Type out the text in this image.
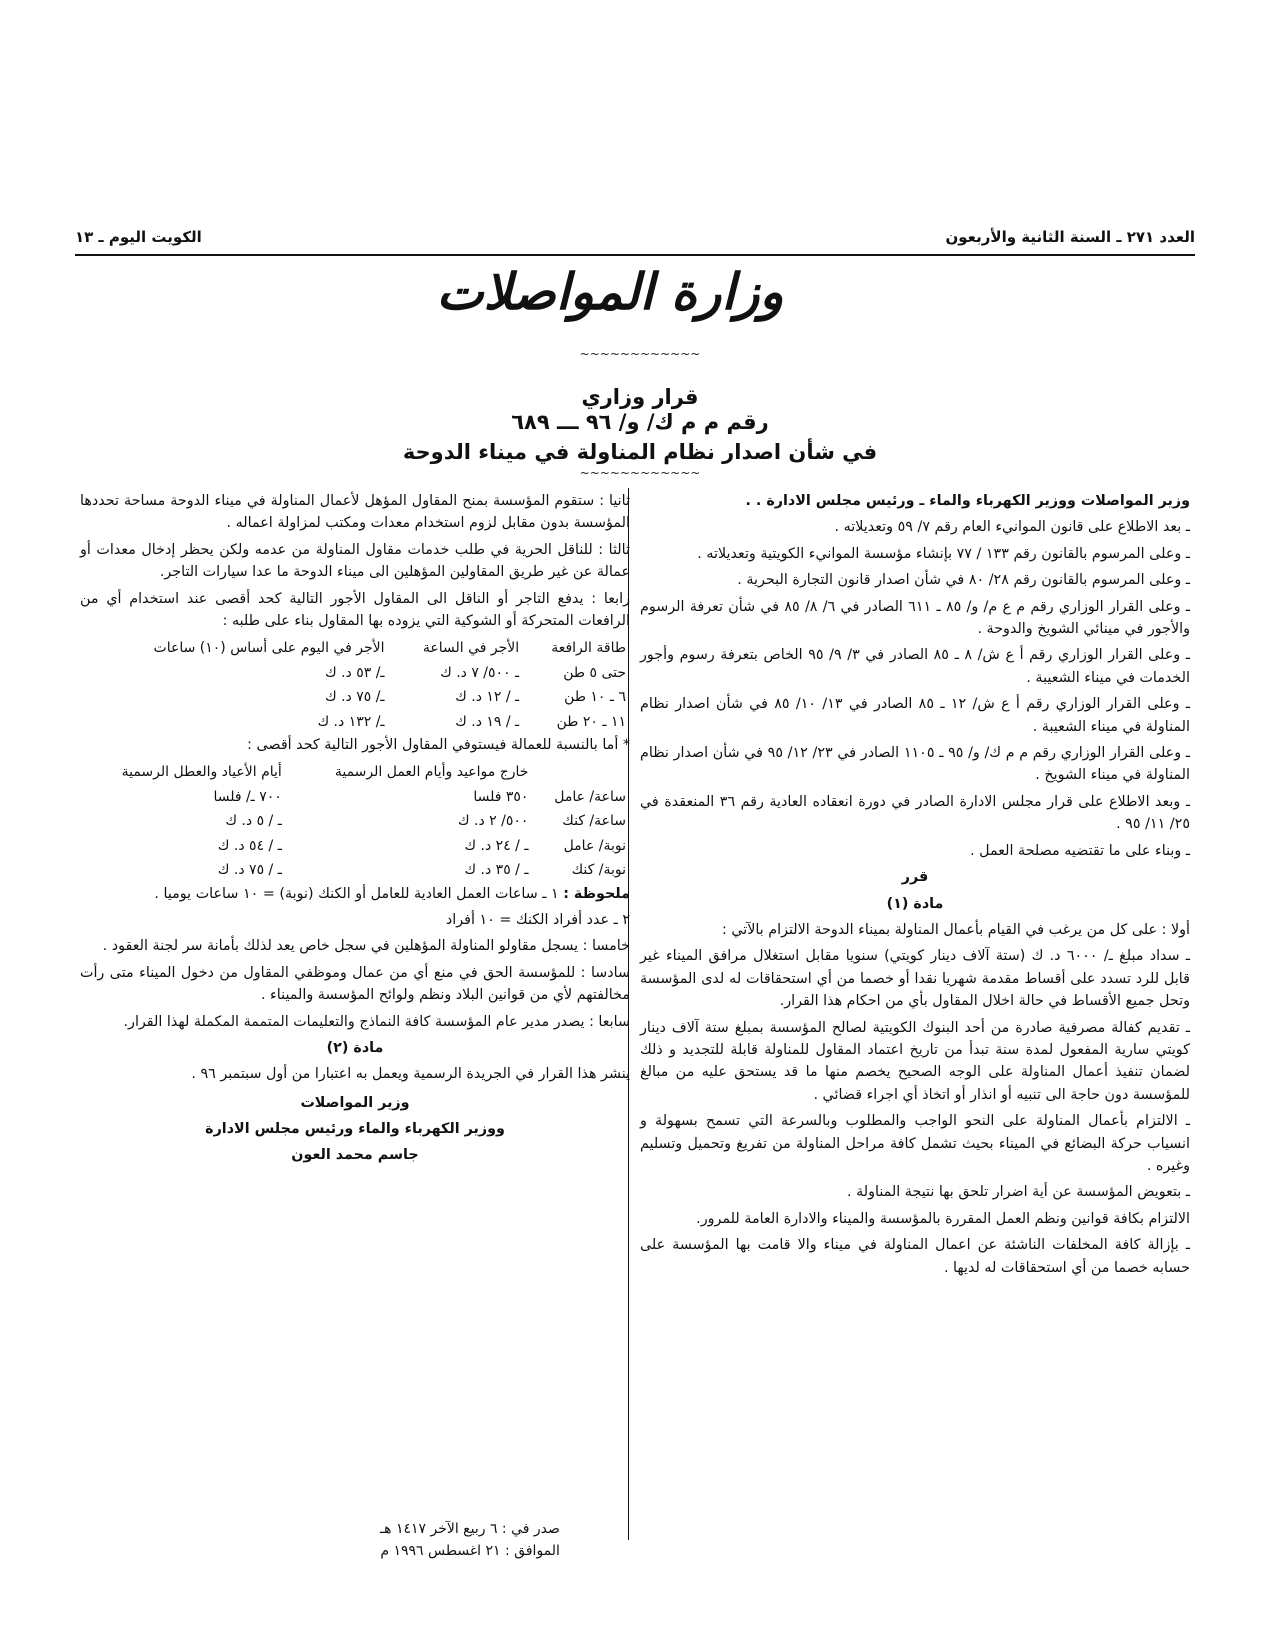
العدد ٢٧١ ـ السنة الثانية والأربعون
الكويت اليوم ـ ١٣
وزارة المواصلات
~~~~~~~~~~~~
قرار وزاري
رقم م م ك/ و/ ٩٦ ـــ ٦٨٩
في شأن اصدار نظام المناولة في ميناء الدوحة
~~~~~~~~~~~~

وزير المواصلات ووزير الكهرباء والماء ـ ورئيس مجلس الادارة . .

ـ بعد الاطلاع على قانون الموانيء العام رقم ٧/ ٥٩ وتعديلاته .

ـ وعلى المرسوم بالقانون رقم ١٣٣ / ٧٧ بإنشاء مؤسسة الموانيء الكويتية وتعديلاته .

ـ وعلى المرسوم بالقانون رقم ٢٨/ ٨٠ في شأن اصدار قانون التجارة البحرية .

ـ وعلى القرار الوزاري رقم م ع م/ و/ ٨٥ ـ ٦١١ الصادر في ٦/ ٨/ ٨٥ في شأن تعرفة الرسوم والأجور في مينائي الشويخ والدوحة .

ـ وعلى القرار الوزاري رقم أ ع ش/ ٨ ـ ٨٥ الصادر في ٣/ ٩/ ٩٥ الخاص بتعرفة رسوم وأجور الخدمات في ميناء الشعيبة .

ـ وعلى القرار الوزاري رقم أ ع ش/ ١٢ ـ ٨٥ الصادر في ١٣/ ١٠/ ٨٥ في شأن اصدار نظام المناولة في ميناء الشعيبة .

ـ وعلى القرار الوزاري رقم م م ك/ و/ ٩٥ ـ ١١٠٥ الصادر في ٢٣/ ١٢/ ٩٥ في شأن اصدار نظام المناولة في ميناء الشويخ .

ـ وبعد الاطلاع على قرار مجلس الادارة الصادر في دورة انعقاده العادية رقم ٣٦ المنعقدة في ٢٥/ ١١/ ٩٥ .

ـ وبناء على ما تقتضيه مصلحة العمل .

قرر

مادة (١)

أولا : على كل من يرغب في القيام بأعمال المناولة بميناء الدوحة الالتزام بالآتي :

ـ سداد مبلغ ـ/ ٦٠٠٠ د. ك (ستة آلاف دينار كويتي) سنويا مقابل استغلال مرافق الميناء غير قابل للرد تسدد على أقساط مقدمة شهريا نقدا أو خصما من أي استحقاقات له لدى المؤسسة وتحل جميع الأقساط في حالة اخلال المقاول بأي من احكام هذا القرار.

ـ تقديم كفالة مصرفية صادرة من أحد البنوك الكويتية لصالح المؤسسة بمبلغ ستة آلاف دينار كويتي سارية المفعول لمدة سنة تبدأ من تاريخ اعتماد المقاول للمناولة قابلة للتجديد و ذلك لضمان تنفيذ أعمال المناولة على الوجه الصحيح يخصم منها ما قد يستحق عليه من مبالغ للمؤسسة دون حاجة الى تنبيه أو انذار أو اتخاذ أي اجراء قضائي .

ـ الالتزام بأعمال المناولة على النحو الواجب والمطلوب وبالسرعة التي تسمح بسهولة و انسياب حركة البضائع في الميناء بحيث تشمل كافة مراحل المناولة من تفريغ وتحميل وتسليم وغيره .

ـ بتعويض المؤسسة عن أية اضرار تلحق بها نتيجة المناولة .

الالتزام بكافة قوانين ونظم العمل المقررة بالمؤسسة والميناء والادارة العامة للمرور.

ـ بإزالة كافة المخلفات الناشئة عن اعمال المناولة في ميناء والا قامت بها المؤسسة على حسابه خصما من أي استحقاقات له لديها .

ثانيا : ستقوم المؤسسة بمنح المقاول المؤهل لأعمال المناولة في ميناء الدوحة مساحة تحددها المؤسسة بدون مقابل لزوم استخدام معدات ومكتب لمزاولة اعماله .

ثالثا : للناقل الحرية في طلب خدمات مقاول المناولة من عدمه ولكن يحظر إدخال معدات أو عمالة عن غير طريق المقاولين المؤهلين الى ميناء الدوحة ما عدا سيارات التاجر.

رابعا : يدفع التاجر أو الناقل الى المقاول الأجور التالية كحد أقصى عند استخدام أي من الرافعات المتحركة أو الشوكية التي يزوده بها المقاول بناء على طلبه :

طاقة الرافعة	الأجر في الساعة	الأجر في اليوم على أساس (١٠) ساعات
حتى ٥ طن	ـ ٥٠٠/ ٧ د. ك	ـ/ ٥٣ د. ك
٦ ـ ١٠ طن	ـ / ١٢ د. ك	ـ/ ٧٥ د. ك
١١ ـ ٢٠ طن	ـ / ١٩ د. ك	ـ/ ١٣٢ د. ك

* أما بالنسبة للعمالة فيستوفي المقاول الأجور التالية كحد أقصى :

	خارج مواعيد وأيام العمل الرسمية	أيام الأعياد والعطل الرسمية
ساعة/ عامل	٣٥٠ فلسا	٧٠٠ ـ/ فلسا
ساعة/ كنك	٥٠٠/ ٢ د. ك	ـ / ٥ د. ك
نوبة/ عامل	ـ / ٢٤ د. ك	ـ / ٥٤ د. ك
نوبة/ كنك	ـ / ٣٥ د. ك	ـ / ٧٥ د. ك

ملحوظة : ١ ـ ساعات العمل العادية للعامل أو الكنك (نوبة) = ١٠ ساعات يوميا .

٢ ـ عدد أفراد الكنك = ١٠ أفراد

خامسا : يسجل مقاولو المناولة المؤهلين في سجل خاص يعد لذلك بأمانة سر لجنة العقود .

سادسا : للمؤسسة الحق في منع أي من عمال وموظفي المقاول من دخول الميناء متى رأت مخالفتهم لأي من قوانين البلاد ونظم ولوائح المؤسسة والميناء .

سابعا : يصدر مدير عام المؤسسة كافة النماذج والتعليمات المتممة المكملة لهذا القرار.

مادة (٢)

ينشر هذا القرار في الجريدة الرسمية ويعمل به اعتبارا من أول سبتمبر ٩٦ .

وزير المواصلات
ووزير الكهرباء والماء ورئيس مجلس الادارة
جاسم محمد العون
صدر في : ٦ ربيع الآخر ١٤١٧ هـ
الموافق : ٢١ اغسطس ١٩٩٦ م
